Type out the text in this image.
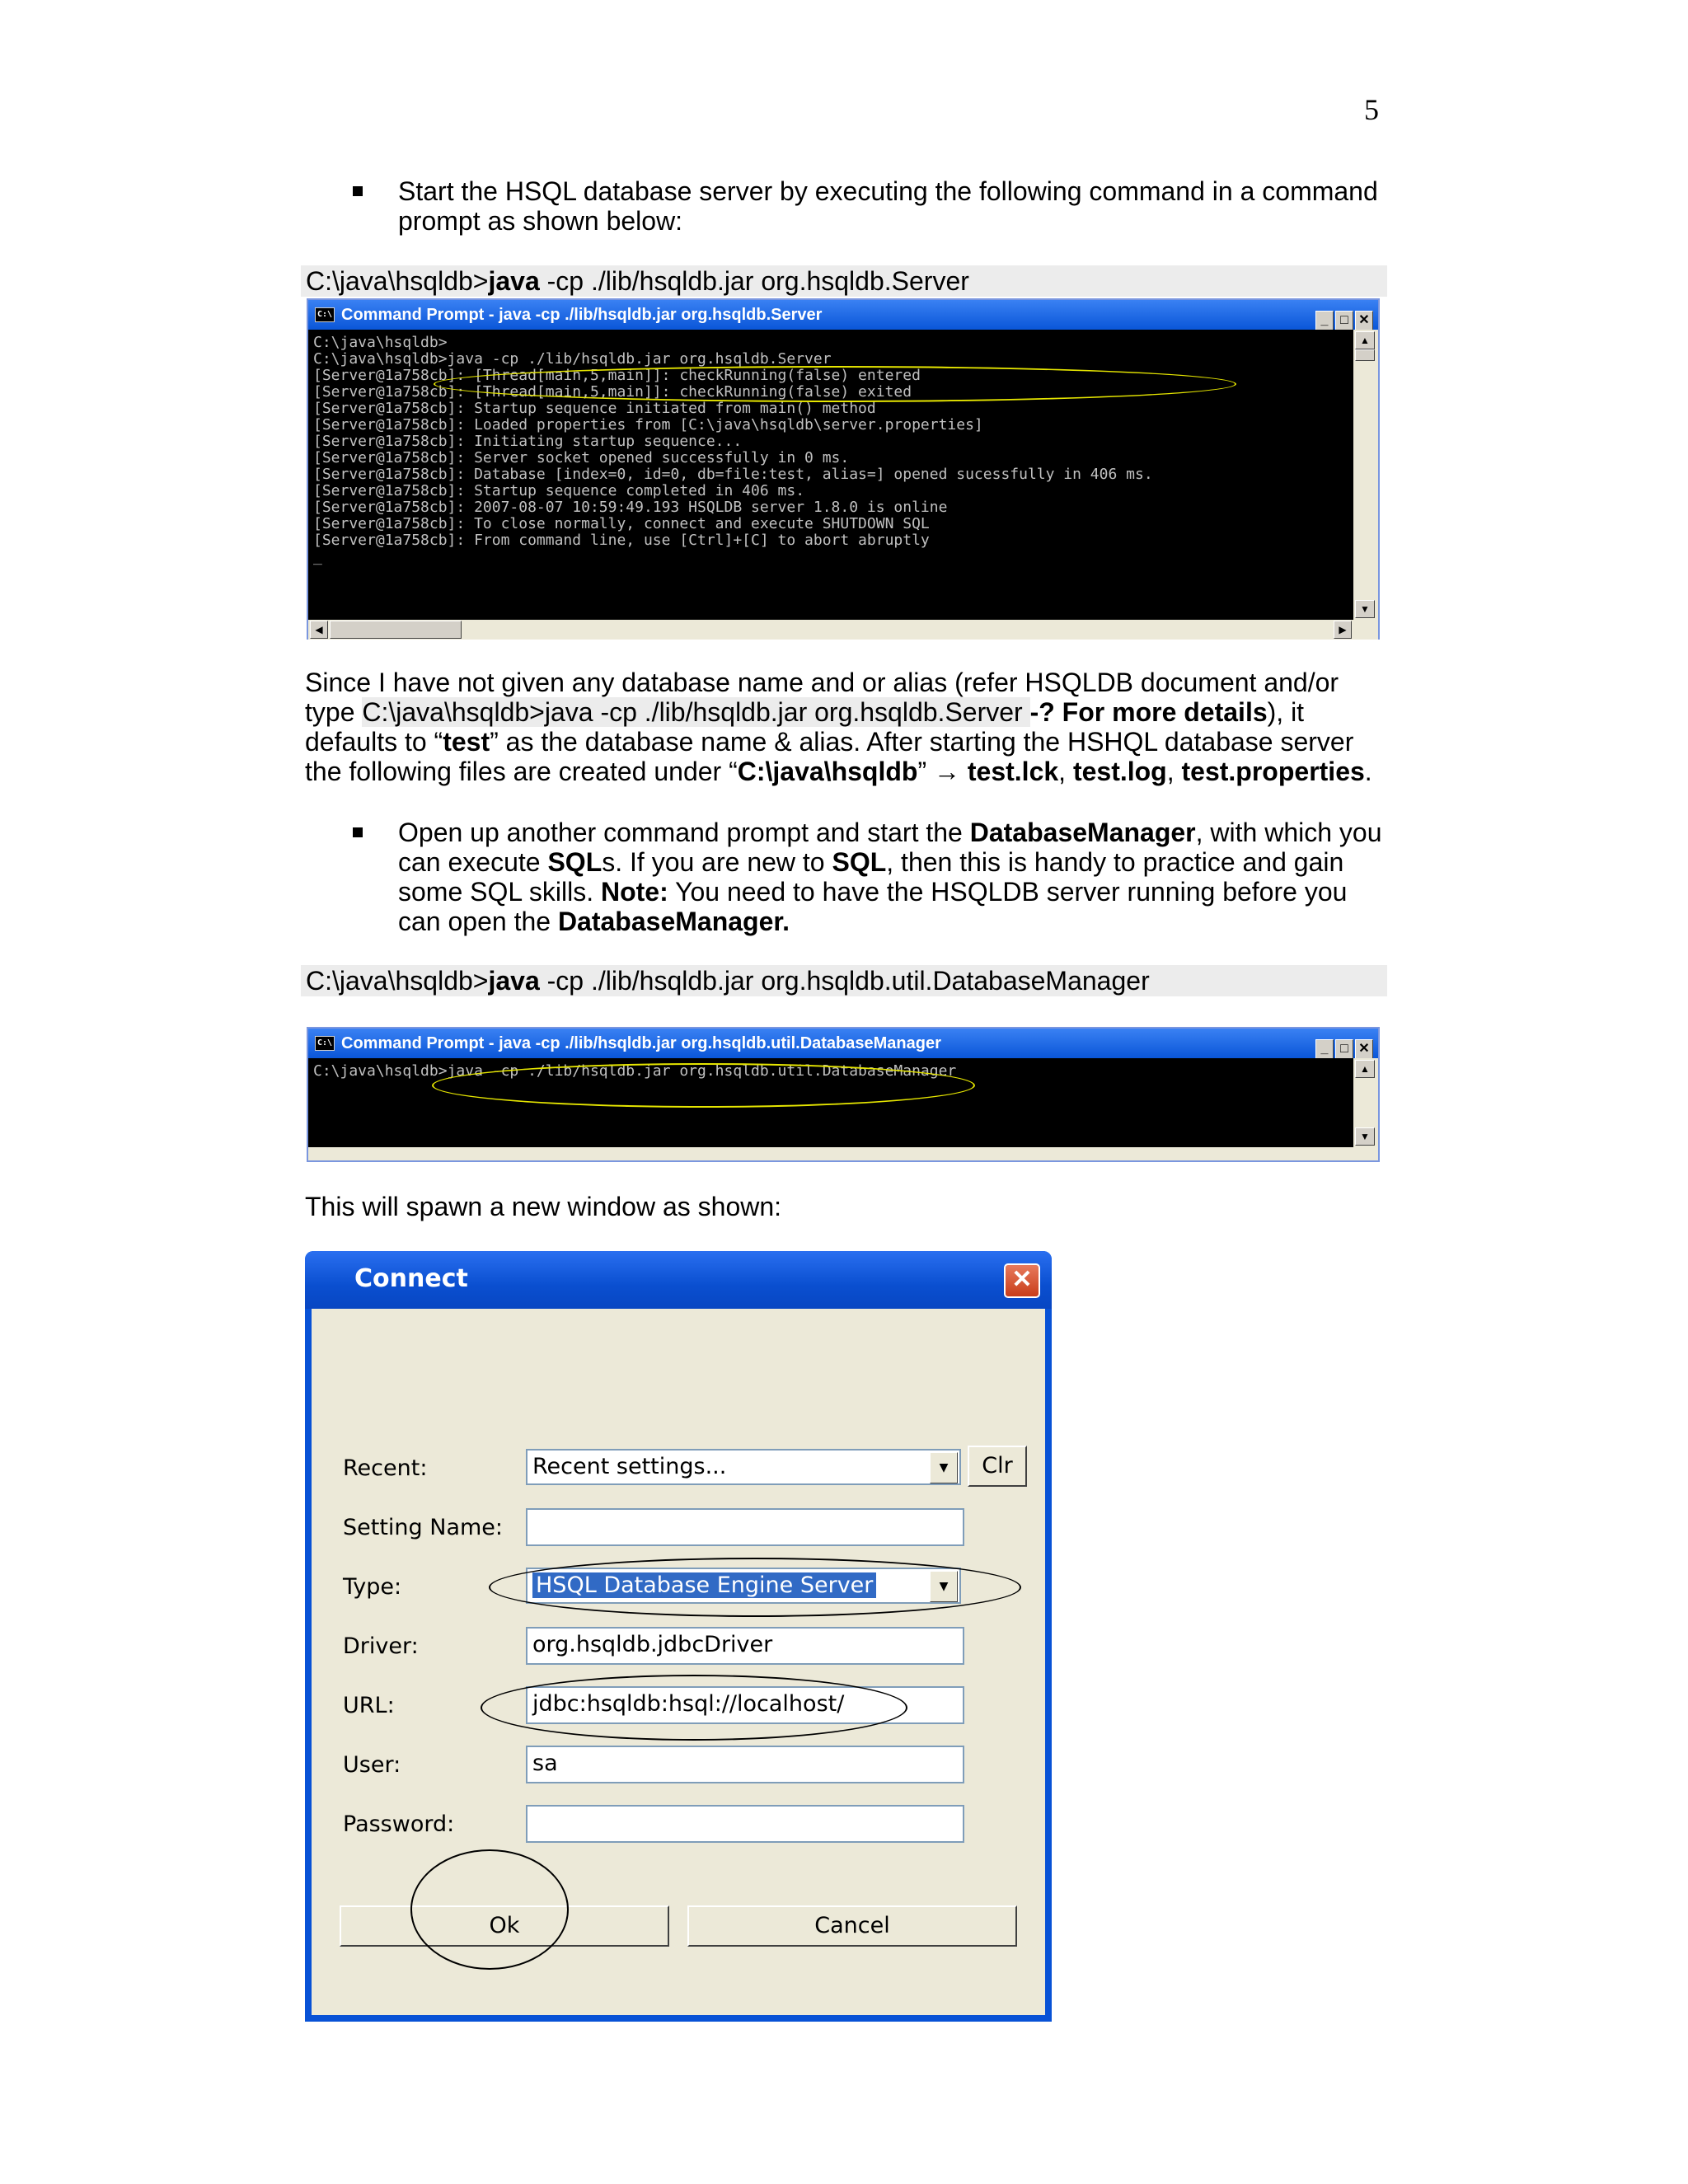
5
Start the HSQL database server by executing the following command in a command prompt as shown below:
C:\java\hsqldb>java -cp ./lib/hsqldb.jar org.hsqldb.Server
C:\ Command Prompt - java -cp ./lib/hsqldb.jar org.hsqldb.Server	_ □ ✕
▲
▼
C:\java\hsqldb>
C:\java\hsqldb>java -cp ./lib/hsqldb.jar org.hsqldb.Server
[Server@1a758cb]: [Thread[main,5,main]]: checkRunning(false) entered
[Server@1a758cb]: [Thread[main,5,main]]: checkRunning(false) exited
[Server@1a758cb]: Startup sequence initiated from main() method
[Server@1a758cb]: Loaded properties from [C:\java\hsqldb\server.properties]
[Server@1a758cb]: Initiating startup sequence...
[Server@1a758cb]: Server socket opened successfully in 0 ms.
[Server@1a758cb]: Database [index=0, id=0, db=file:test, alias=] opened sucessfully in 406 ms.
[Server@1a758cb]: Startup sequence completed in 406 ms.
[Server@1a758cb]: 2007-08-07 10:59:49.193 HSQLDB server 1.8.0 is online
[Server@1a758cb]: To close normally, connect and execute SHUTDOWN SQL
[Server@1a758cb]: From command line, use [Ctrl]+[C] to abort abruptly
_
◀	▶
Since I have not given any database name and or alias (refer HSQLDB document and/or type C:\java\hsqldb>java -cp ./lib/hsqldb.jar org.hsqldb.Server -? For more details), it defaults to “test” as the database name & alias. After starting the HSHQL database server the following files are created under “C:\java\hsqldb” → test.lck, test.log, test.properties.
Open up another command prompt and start the DatabaseManager, with which you can execute SQLs. If you are new to SQL, then this is handy to practice and gain some SQL skills. Note: You need to have the HSQLDB server running before you can open the DatabaseManager.
C:\java\hsqldb>java -cp ./lib/hsqldb.jar org.hsqldb.util.DatabaseManager
C:\ Command Prompt - java -cp ./lib/hsqldb.jar org.hsqldb.util.DatabaseManager	_ □ ✕
▲
▼
C:\java\hsqldb>java -cp ./lib/hsqldb.jar org.hsqldb.util.DatabaseManager
This will spawn a new window as shown:
Connect	✕
Recent:	Recent settings...	▼	Clr
Setting Name:
Type:	HSQL Database Engine Server	▼
Driver:	org.hsqldb.jdbcDriver
URL:	jdbc:hsqldb:hsql://localhost/
User:	sa
Password:
Ok	Cancel
